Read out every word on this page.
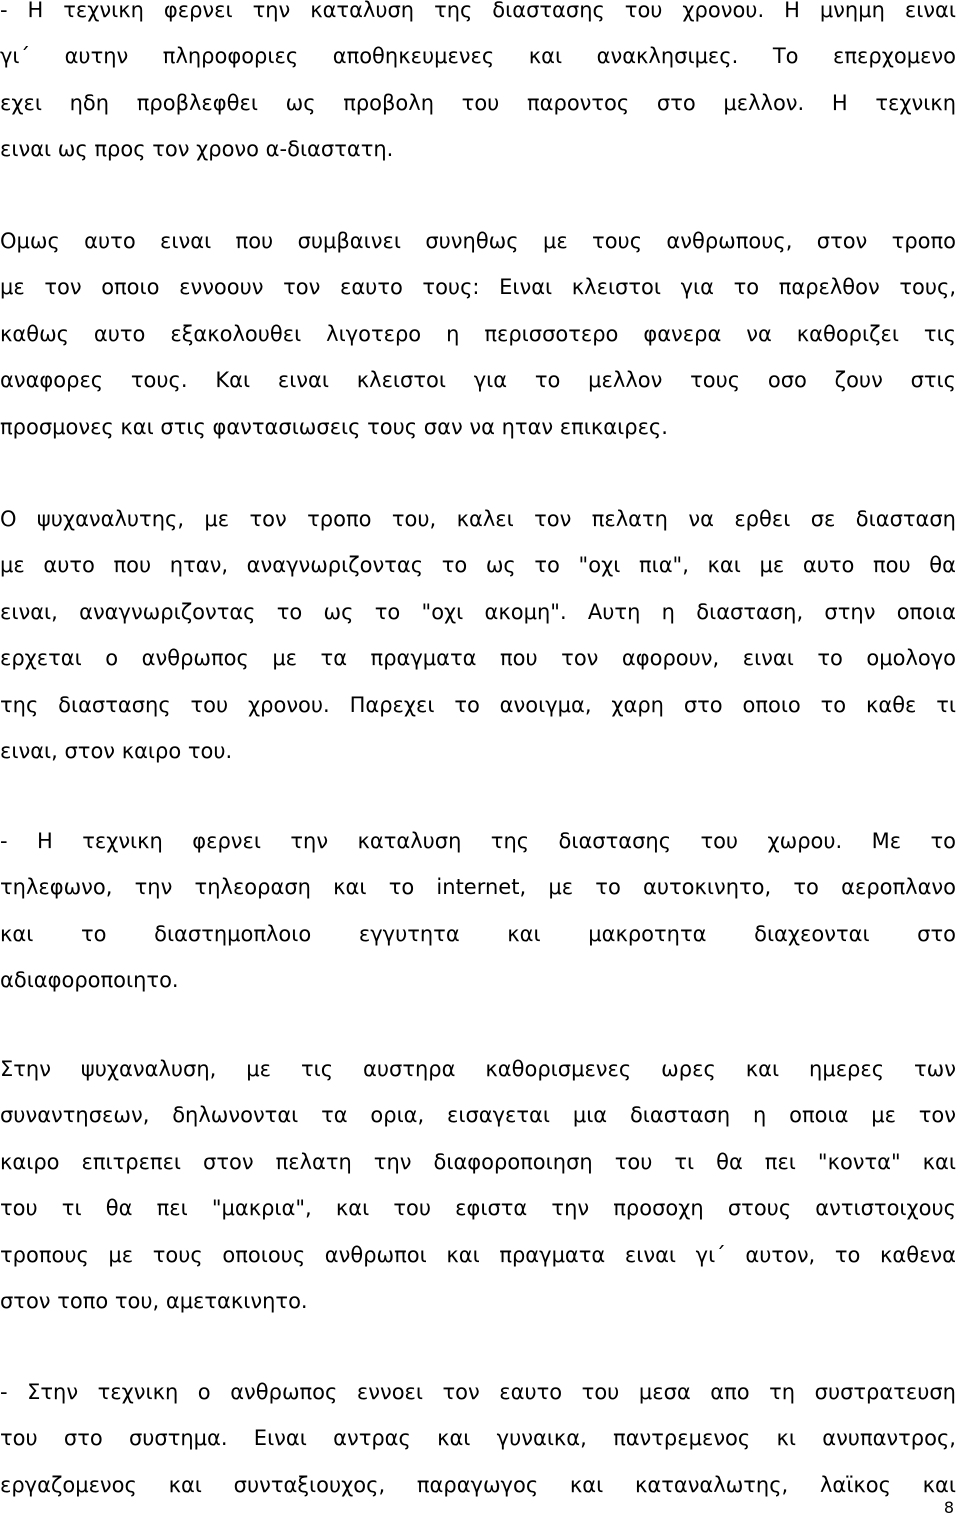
- Η τεχνικη φερνει την καταλυση της διαστασης του χρονου. Η μνημη ειναι
γι΄ αυτην πληροφοριες αποθηκευμενες και ανακλησιμες. Το επερχομενο
εχει ηδη προβλεφθει ως προβολη του παροντος στο μελλον. Η τεχνικη
ειναι ως προς τον χρονο α-διαστατη.
Ομως αυτο ειναι που συμβαινει συνηθως με τους ανθρωπους, στον τροπο
με τον οποιο εννοουν τον εαυτο τους: Ειναι κλειστοι για το παρελθον τους,
καθως αυτο εξακολουθει λιγοτερο η περισσοτερο φανερα να καθοριζει τις
αναφορες τους. Και ειναι κλειστοι για το μελλον τους οσο ζουν στις
προσμονες και στις φαντασιωσεις τους σαν να ηταν επικαιρες.
Ο ψυχαναλυτης, με τον τροπο του, καλει τον πελατη να ερθει σε διασταση
με αυτο που ηταν, αναγνωριζοντας το ως το "οχι πια", και με αυτο που θα
ειναι, αναγνωριζοντας το ως το "οχι ακομη". Αυτη η διασταση, στην οποια
ερχεται ο ανθρωπος με τα πραγματα που τον αφορουν, ειναι το ομολογο
της διαστασης του χρονου. Παρεχει το ανοιγμα, χαρη στο οποιο το καθε τι
ειναι, στον καιρο του.
- Η τεχνικη φερνει την καταλυση της διαστασης του χωρου. Με το
τηλεφωνο, την τηλεοραση και το internet, με το αυτοκινητο, το αεροπλανο
και το διαστημοπλοιο εγγυτητα και μακροτητα διαχεονται στο
αδιαφοροποιητο.
Στην ψυχαναλυση, με τις αυστηρα καθορισμενες ωρες και ημερες των
συναντησεων, δηλωνονται τα ορια, εισαγεται μια διασταση η οποια με τον
καιρο επιτρεπει στον πελατη την διαφοροποιηση του τι θα πει "κοντα" και
του τι θα πει "μακρια", και του εφιστα την προσοχη στους αντιστοιχους
τροπους με τους οποιους ανθρωποι και πραγματα ειναι γι΄ αυτον, το καθενα
στον τοπο του, αμετακινητο.
- Στην τεχνικη ο ανθρωπος εννοει τον εαυτο του μεσα απο τη συστρατευση
του στο συστημα. Ειναι αντρας και γυναικα, παντρεμενος κι ανυπαντρος,
εργαζομενος και συνταξιουχος, παραγωγος και καταναλωτης, λαϊκος και
8
